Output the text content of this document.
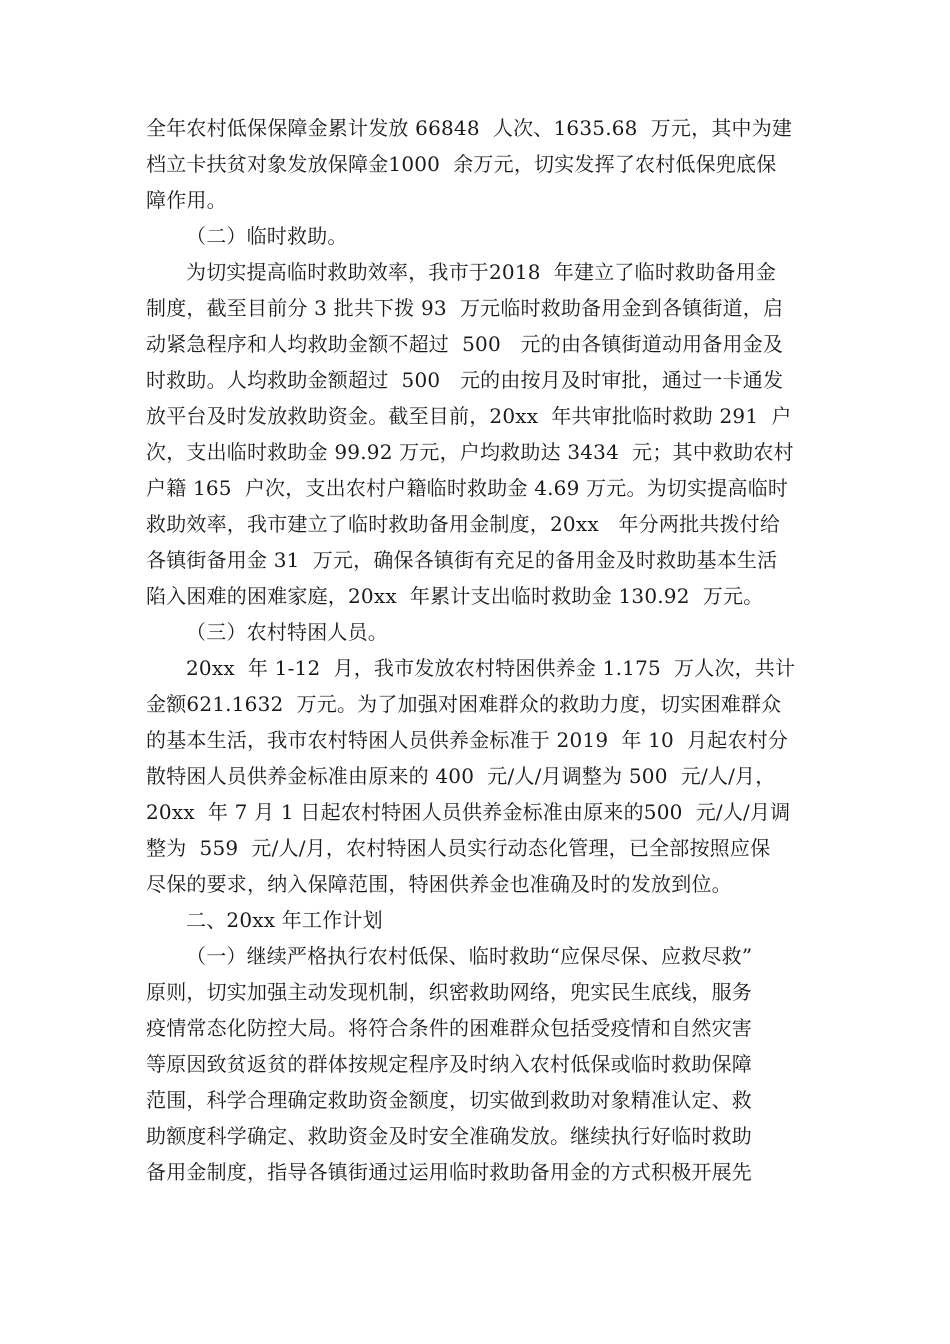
全年农村低保保障金累计发放 66848  人次、1635.68  万元，其中为建
档立卡扶贫对象发放保障金1000  余万元，切实发挥了农村低保兜底保
障作用。
（二）临时救助。
为切实提高临时救助效率，我市于2018  年建立了临时救助备用金
制度，截至目前分 3 批共下拨 93  万元临时救助备用金到各镇街道，启
动紧急程序和人均救助金额不超过  500   元的由各镇街道动用备用金及
时救助。人均救助金额超过  500   元的由按月及时审批，通过一卡通发
放平台及时发放救助资金。截至目前，20xx  年共审批临时救助 291  户
次，支出临时救助金 99.92 万元，户均救助达 3434  元；其中救助农村
户籍 165  户次，支出农村户籍临时救助金 4.69 万元。为切实提高临时
救助效率，我市建立了临时救助备用金制度，20xx   年分两批共拨付给
各镇街备用金 31  万元，确保各镇街有充足的备用金及时救助基本生活
陷入困难的困难家庭，20xx  年累计支出临时救助金 130.92  万元。
（三）农村特困人员。
20xx  年 1-12  月，我市发放农村特困供养金 1.175  万人次，共计
金额621.1632  万元。为了加强对困难群众的救助力度，切实困难群众
的基本生活，我市农村特困人员供养金标准于 2019  年 10  月起农村分
散特困人员供养金标准由原来的 400  元/人/月调整为 500  元/人/月，
20xx  年 7 月 1 日起农村特困人员供养金标准由原来的500  元/人/月调
整为  559  元/人/月，农村特困人员实行动态化管理，已全部按照应保
尽保的要求，纳入保障范围，特困供养金也准确及时的发放到位。
二、20xx 年工作计划
（一）继续严格执行农村低保、临时救助“应保尽保、应救尽救”
原则，切实加强主动发现机制，织密救助网络，兜实民生底线，服务
疫情常态化防控大局。将符合条件的困难群众包括受疫情和自然灾害
等原因致贫返贫的群体按规定程序及时纳入农村低保或临时救助保障
范围，科学合理确定救助资金额度，切实做到救助对象精准认定、救
助额度科学确定、救助资金及时安全准确发放。继续执行好临时救助
备用金制度，指导各镇街通过运用临时救助备用金的方式积极开展先
